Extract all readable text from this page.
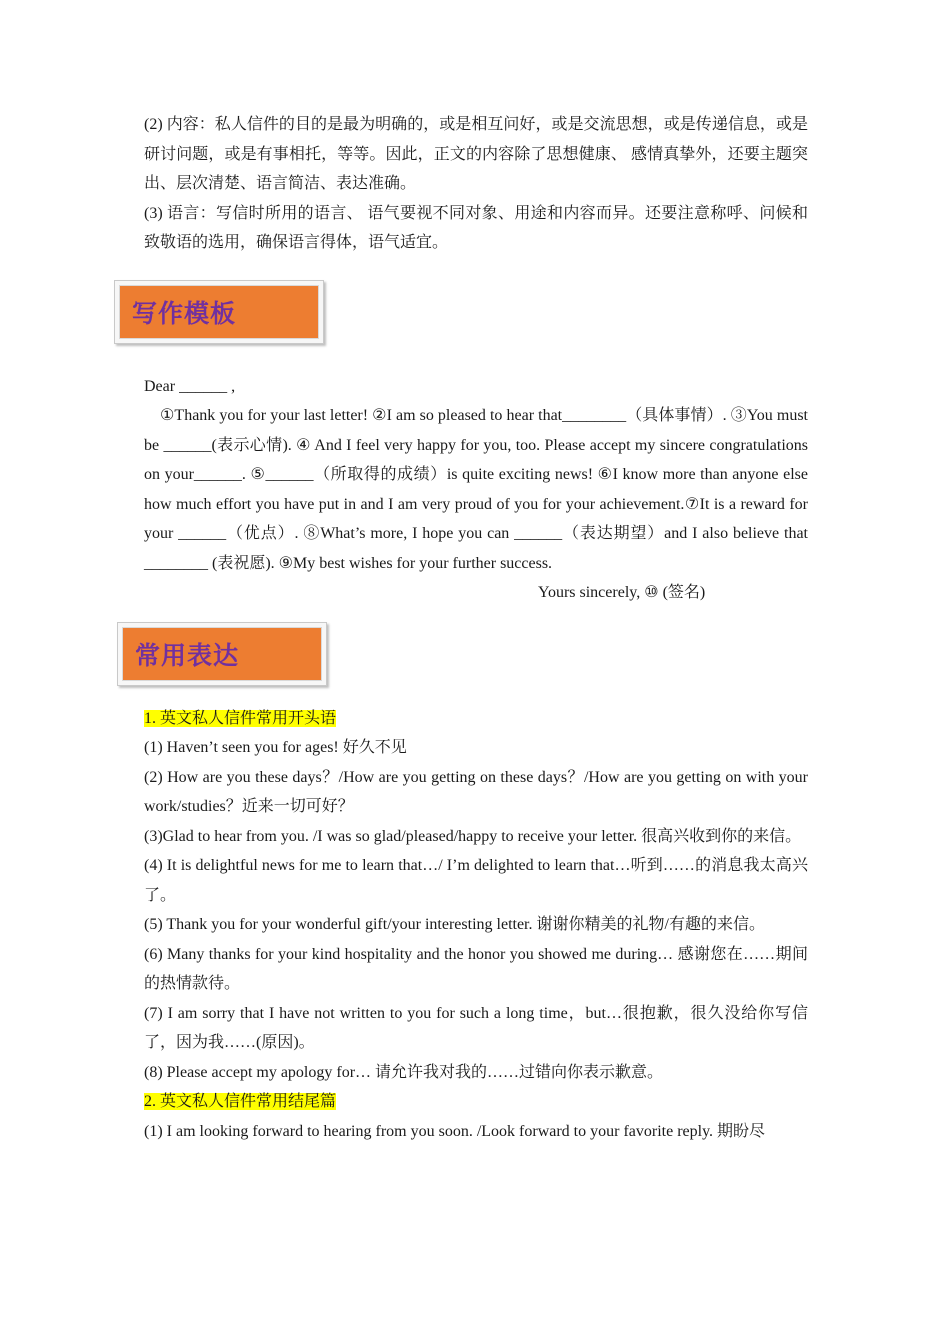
(2) 内容：私人信件的目的是最为明确的，或是相互问好，或是交流思想，或是传递信息，或是研讨问题，或是有事相托，等等。因此，正文的内容除了思想健康、 感情真挚外，还要主题突出、层次清楚、语言简洁、表达准确。

(3) 语言：写信时所用的语言、 语气要视不同对象、用途和内容而异。还要注意称呼、问候和致敬语的选用，确保语言得体，语气适宜。

写作模板

Dear ______ ,

①Thank you for your last letter! ②I am so pleased to hear that________（具体事情）. ③You must be ______(表示心情). ④ And I feel very happy for you, too. Please accept my sincere congratulations on your______. ⑤______（所取得的成绩）is quite exciting news! ⑥I know more than anyone else how much effort you have put in and I am very proud of you for your achievement.⑦It is a reward for your ______（优点）. ⑧What’s more, I hope you can ______（表达期望）and I also believe that ________ (表祝愿). ⑨My best wishes for your further success.

Yours sincerely, ⑩ (签名)

常用表达

1. 英文私人信件常用开头语

(1) Haven’t seen you for ages! 好久不见

(2) How are you these days？/How are you getting on these days？/How are you getting on with your work/studies？近来一切可好？

(3)Glad to hear from you. /I was so glad/pleased/happy to receive your letter. 很高兴收到你的来信。

(4) It is delightful news for me to learn that…/ I’m delighted to learn that…听到……的消息我太高兴了。

(5) Thank you for your wonderful gift/your interesting letter. 谢谢你精美的礼物/有趣的来信。

(6) Many thanks for your kind hospitality and the honor you showed me during… 感谢您在……期间的热情款待。

(7) I am sorry that I have not written to you for such a long time，but…很抱歉，很久没给你写信 了，因为我……(原因)。

(8) Please accept my apology for… 请允许我对我的……过错向你表示歉意。

2. 英文私人信件常用结尾篇

(1) I am looking forward to hearing from you soon. /Look forward to your favorite reply. 期盼尽
